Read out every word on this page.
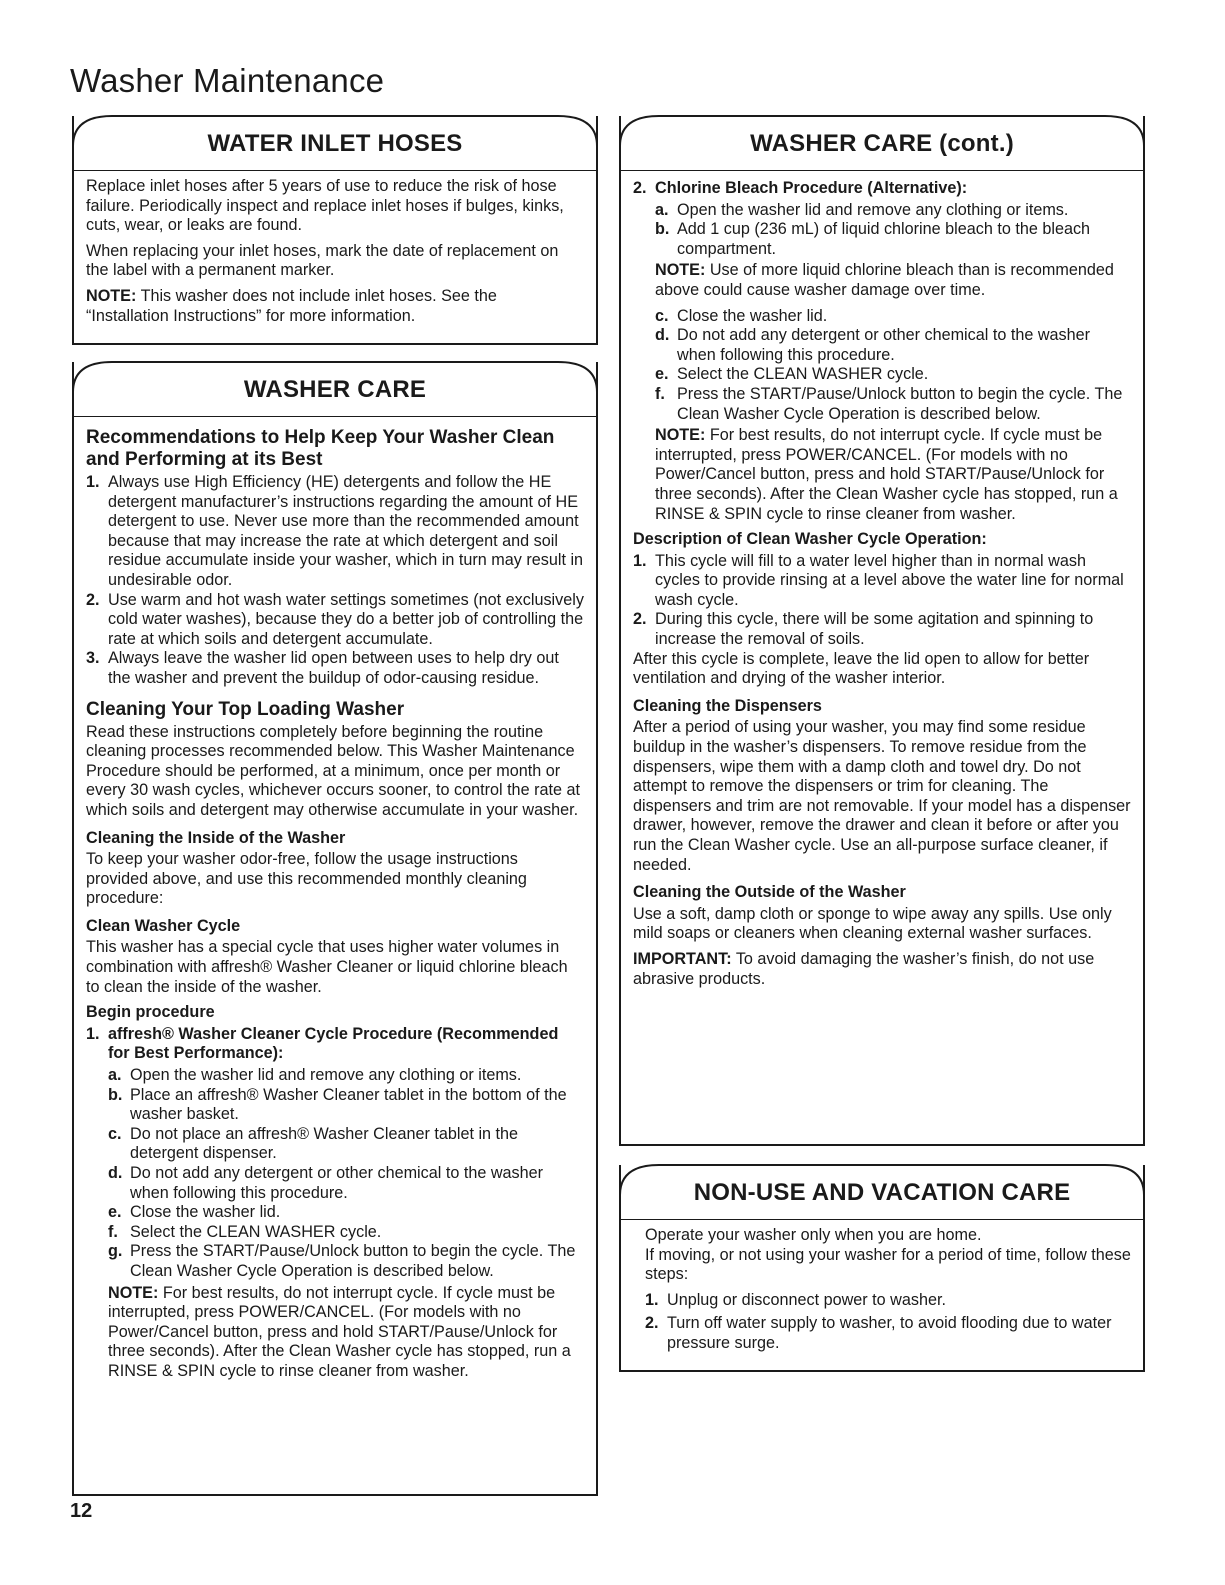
Washer Maintenance
WATER INLET HOSES

Replace inlet hoses after 5 years of use to reduce the risk of hose failure. Periodically inspect and replace inlet hoses if bulges, kinks, cuts, wear, or leaks are found.

When replacing your inlet hoses, mark the date of replacement on the label with a permanent marker.

NOTE: This washer does not include inlet hoses. See the “Installation Instructions” for more information.

WASHER CARE
Recommendations to Help Keep Your Washer Clean and Performing at its Best
1. Always use High Efficiency (HE) detergents and follow the HE detergent manufacturer’s instructions regarding the amount of HE detergent to use. Never use more than the recommended amount because that may increase the rate at which detergent and soil residue accumulate inside your washer, which in turn may result in undesirable odor.
2. Use warm and hot wash water settings sometimes (not exclusively cold water washes), because they do a better job of controlling the rate at which soils and detergent accumulate.
3. Always leave the washer lid open between uses to help dry out the washer and prevent the buildup of odor-causing residue.
Cleaning Your Top Loading Washer

Read these instructions completely before beginning the routine cleaning processes recommended below. This Washer Maintenance Procedure should be performed, at a minimum, once per month or every 30 wash cycles, whichever occurs sooner, to control the rate at which soils and detergent may otherwise accumulate in your washer.

Cleaning the Inside of the Washer

To keep your washer odor-free, follow the usage instructions provided above, and use this recommended monthly cleaning procedure:

Clean Washer Cycle

This washer has a special cycle that uses higher water volumes in combination with affresh® Washer Cleaner or liquid chlorine bleach to clean the inside of the washer.

Begin procedure
1. affresh® Washer Cleaner Cycle Procedure (Recommended for Best Performance):
a. Open the washer lid and remove any clothing or items.
b. Place an affresh® Washer Cleaner tablet in the bottom of the washer basket.
c. Do not place an affresh® Washer Cleaner tablet in the detergent dispenser.
d. Do not add any detergent or other chemical to the washer when following this procedure.
e. Close the washer lid.
f. Select the CLEAN WASHER cycle.
g. Press the START/Pause/Unlock button to begin the cycle. The Clean Washer Cycle Operation is described below.

NOTE: For best results, do not interrupt cycle. If cycle must be interrupted, press POWER/CANCEL. (For models with no Power/Cancel button, press and hold START/Pause/Unlock for three seconds). After the Clean Washer cycle has stopped, run a RINSE & SPIN cycle to rinse cleaner from washer.

WASHER CARE (cont.)
2. Chlorine Bleach Procedure (Alternative):
a. Open the washer lid and remove any clothing or items.
b. Add 1 cup (236 mL) of liquid chlorine bleach to the bleach compartment.

NOTE: Use of more liquid chlorine bleach than is recommended above could cause washer damage over time.

c. Close the washer lid.
d. Do not add any detergent or other chemical to the washer when following this procedure.
e. Select the CLEAN WASHER cycle.
f. Press the START/Pause/Unlock button to begin the cycle. The Clean Washer Cycle Operation is described below.

NOTE: For best results, do not interrupt cycle. If cycle must be interrupted, press POWER/CANCEL. (For models with no Power/Cancel button, press and hold START/Pause/Unlock for three seconds). After the Clean Washer cycle has stopped, run a RINSE & SPIN cycle to rinse cleaner from washer.

Description of Clean Washer Cycle Operation:
1. This cycle will fill to a water level higher than in normal wash cycles to provide rinsing at a level above the water line for normal wash cycle.
2. During this cycle, there will be some agitation and spinning to increase the removal of soils.

After this cycle is complete, leave the lid open to allow for better ventilation and drying of the washer interior.

Cleaning the Dispensers

After a period of using your washer, you may find some residue buildup in the washer’s dispensers. To remove residue from the dispensers, wipe them with a damp cloth and towel dry. Do not attempt to remove the dispensers or trim for cleaning. The dispensers and trim are not removable. If your model has a dispenser drawer, however, remove the drawer and clean it before or after you run the Clean Washer cycle. Use an all-purpose surface cleaner, if needed.

Cleaning the Outside of the Washer

Use a soft, damp cloth or sponge to wipe away any spills. Use only mild soaps or cleaners when cleaning external washer surfaces.

IMPORTANT: To avoid damaging the washer’s finish, do not use abrasive products.

NON-USE AND VACATION CARE

Operate your washer only when you are home.

If moving, or not using your washer for a period of time, follow these steps:

1. Unplug or disconnect power to washer.
2. Turn off water supply to washer, to avoid flooding due to water pressure surge.
12
